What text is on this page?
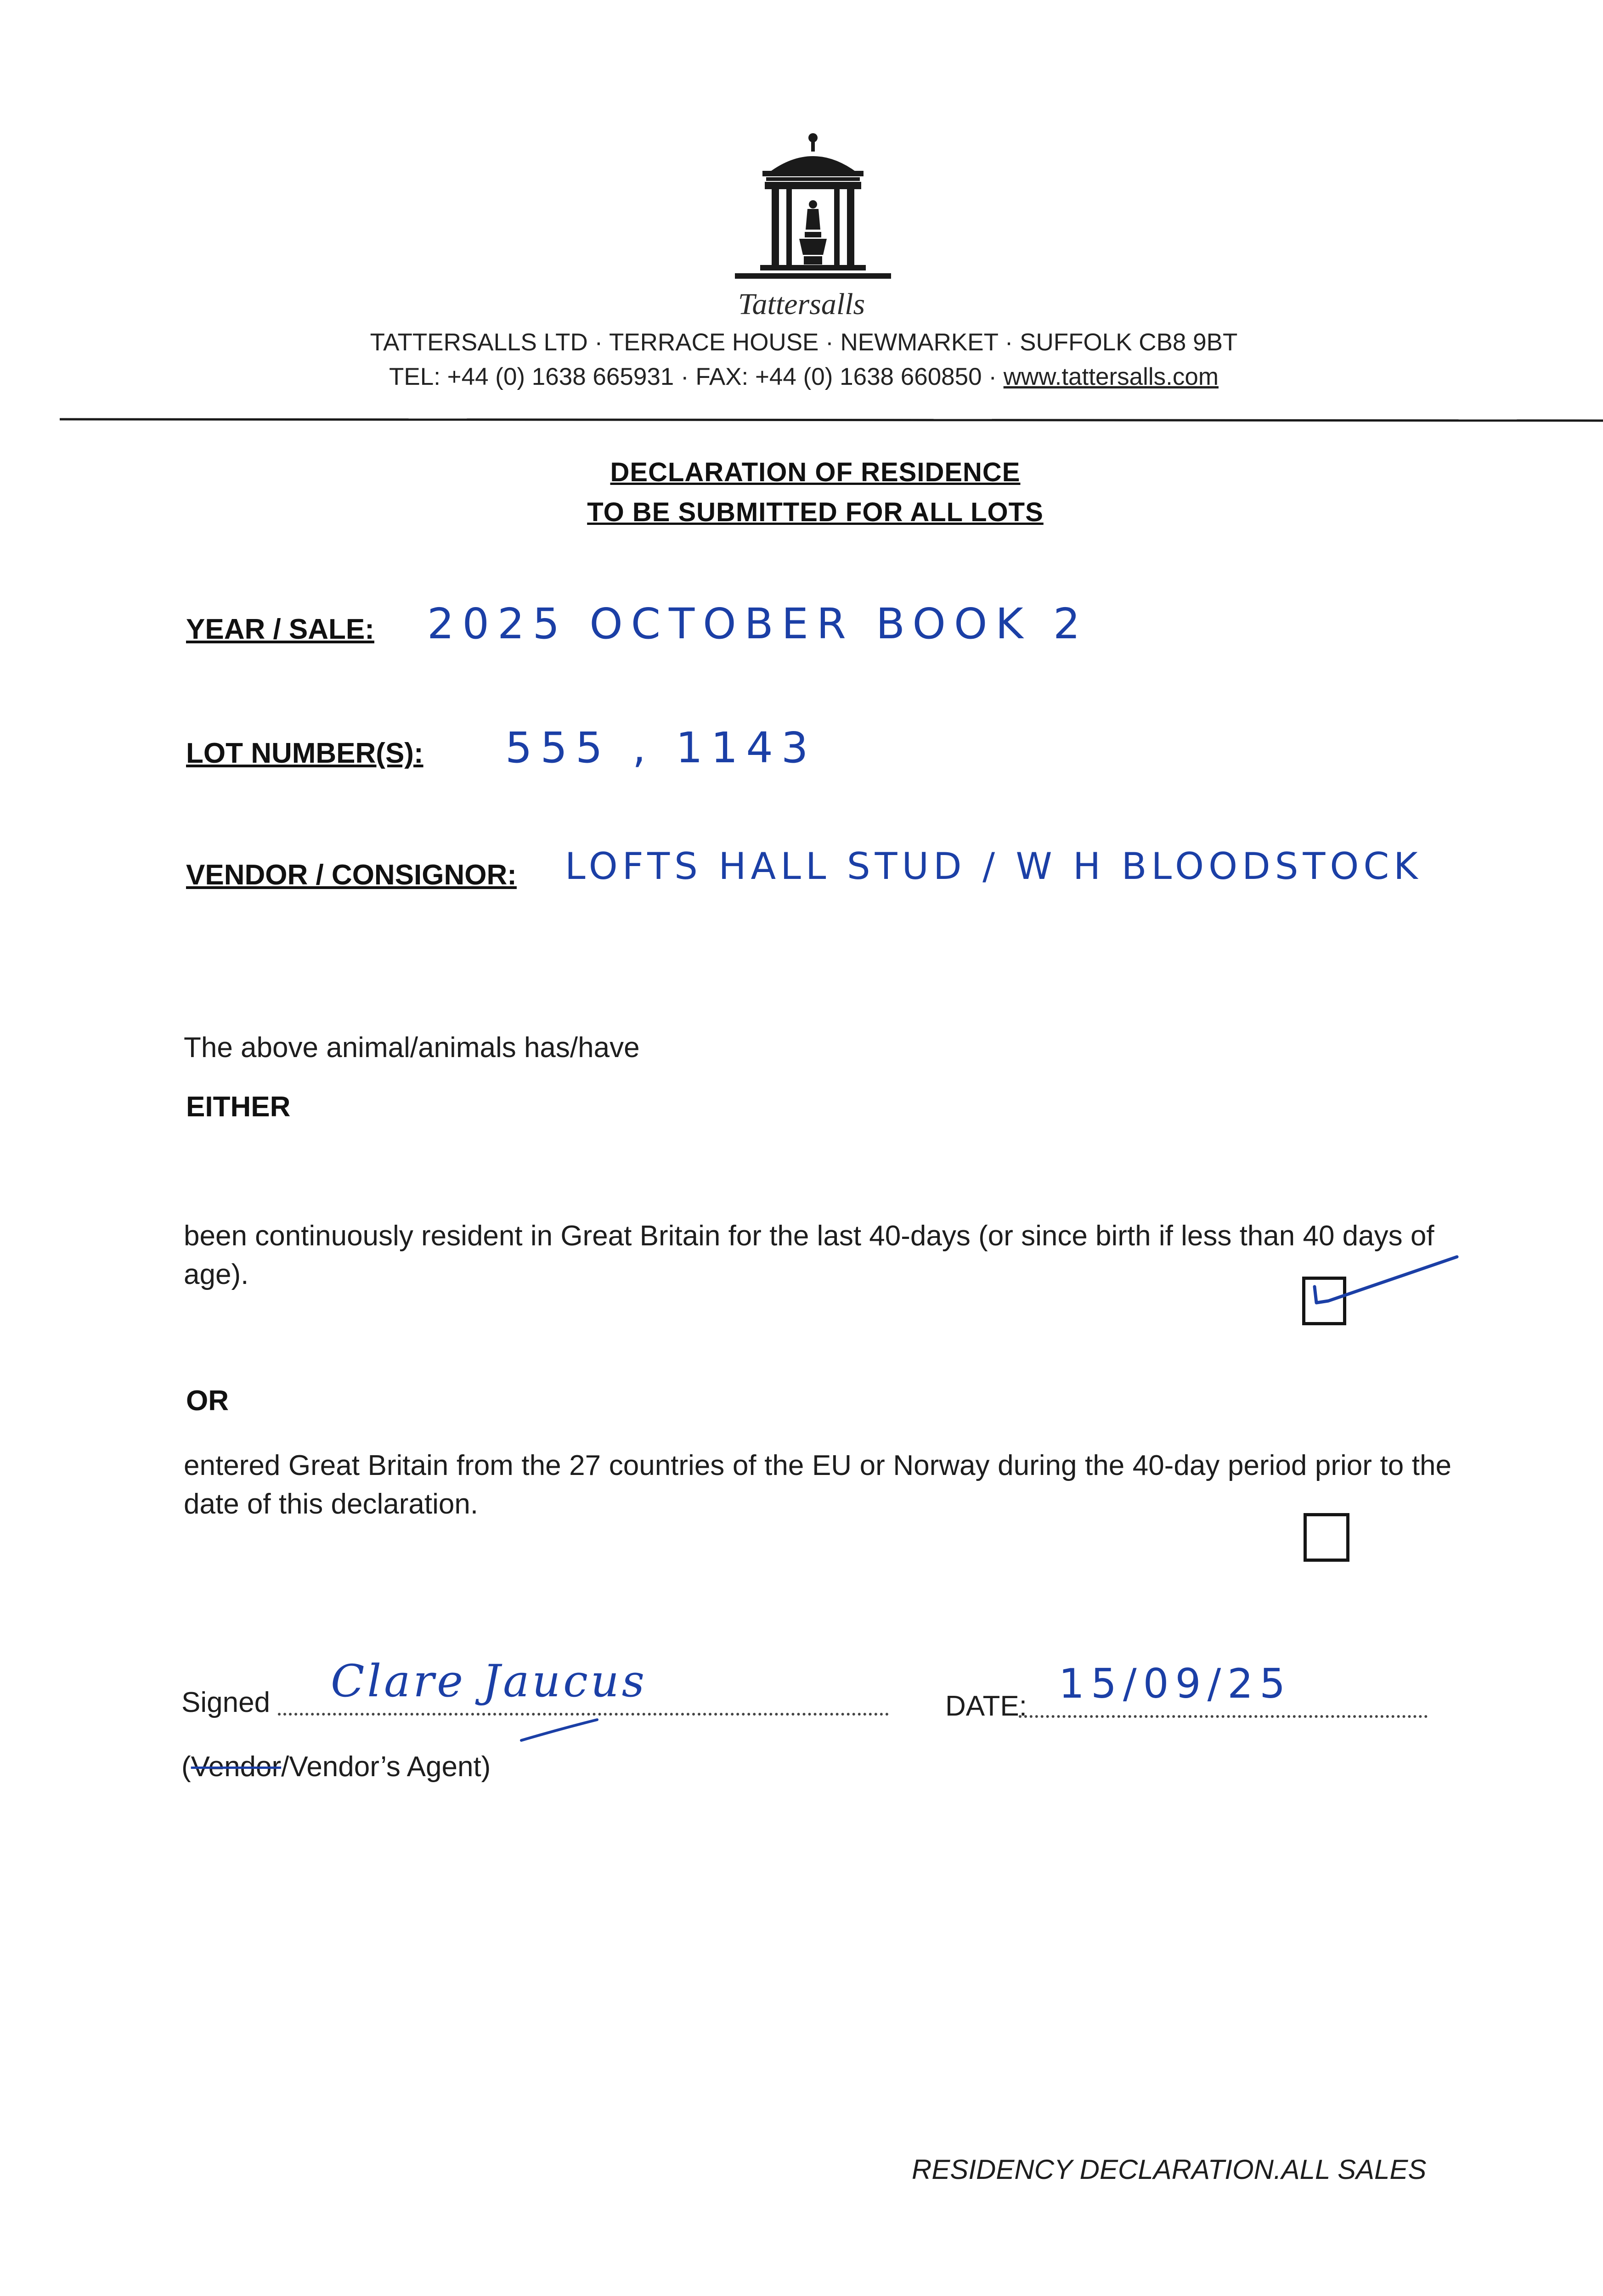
Tattersalls
TATTERSALLS LTD · TERRACE HOUSE · NEWMARKET · SUFFOLK CB8 9BT
TEL: +44 (0) 1638 665931 · FAX: +44 (0) 1638 660850 · www.tattersalls.com
DECLARATION OF RESIDENCE
TO BE SUBMITTED FOR ALL LOTS
YEAR / SALE: 2025 OCTOBER BOOK 2
LOT NUMBER(S): 555 , 1143
VENDOR / CONSIGNOR: LOFTS HALL STUD / W H BLOODSTOCK
The above animal/animals has/have
EITHER
been continuously resident in Great Britain for the last 40-days (or since birth if less than 40 days of age).
OR
entered Great Britain from the 27 countries of the EU or Norway during the 40-day period prior to the date of this declaration.
Signed Clare Jaucus	DATE: 15/09/25
(Vendor/Vendor’s Agent)
RESIDENCY DECLARATION.ALL SALES
